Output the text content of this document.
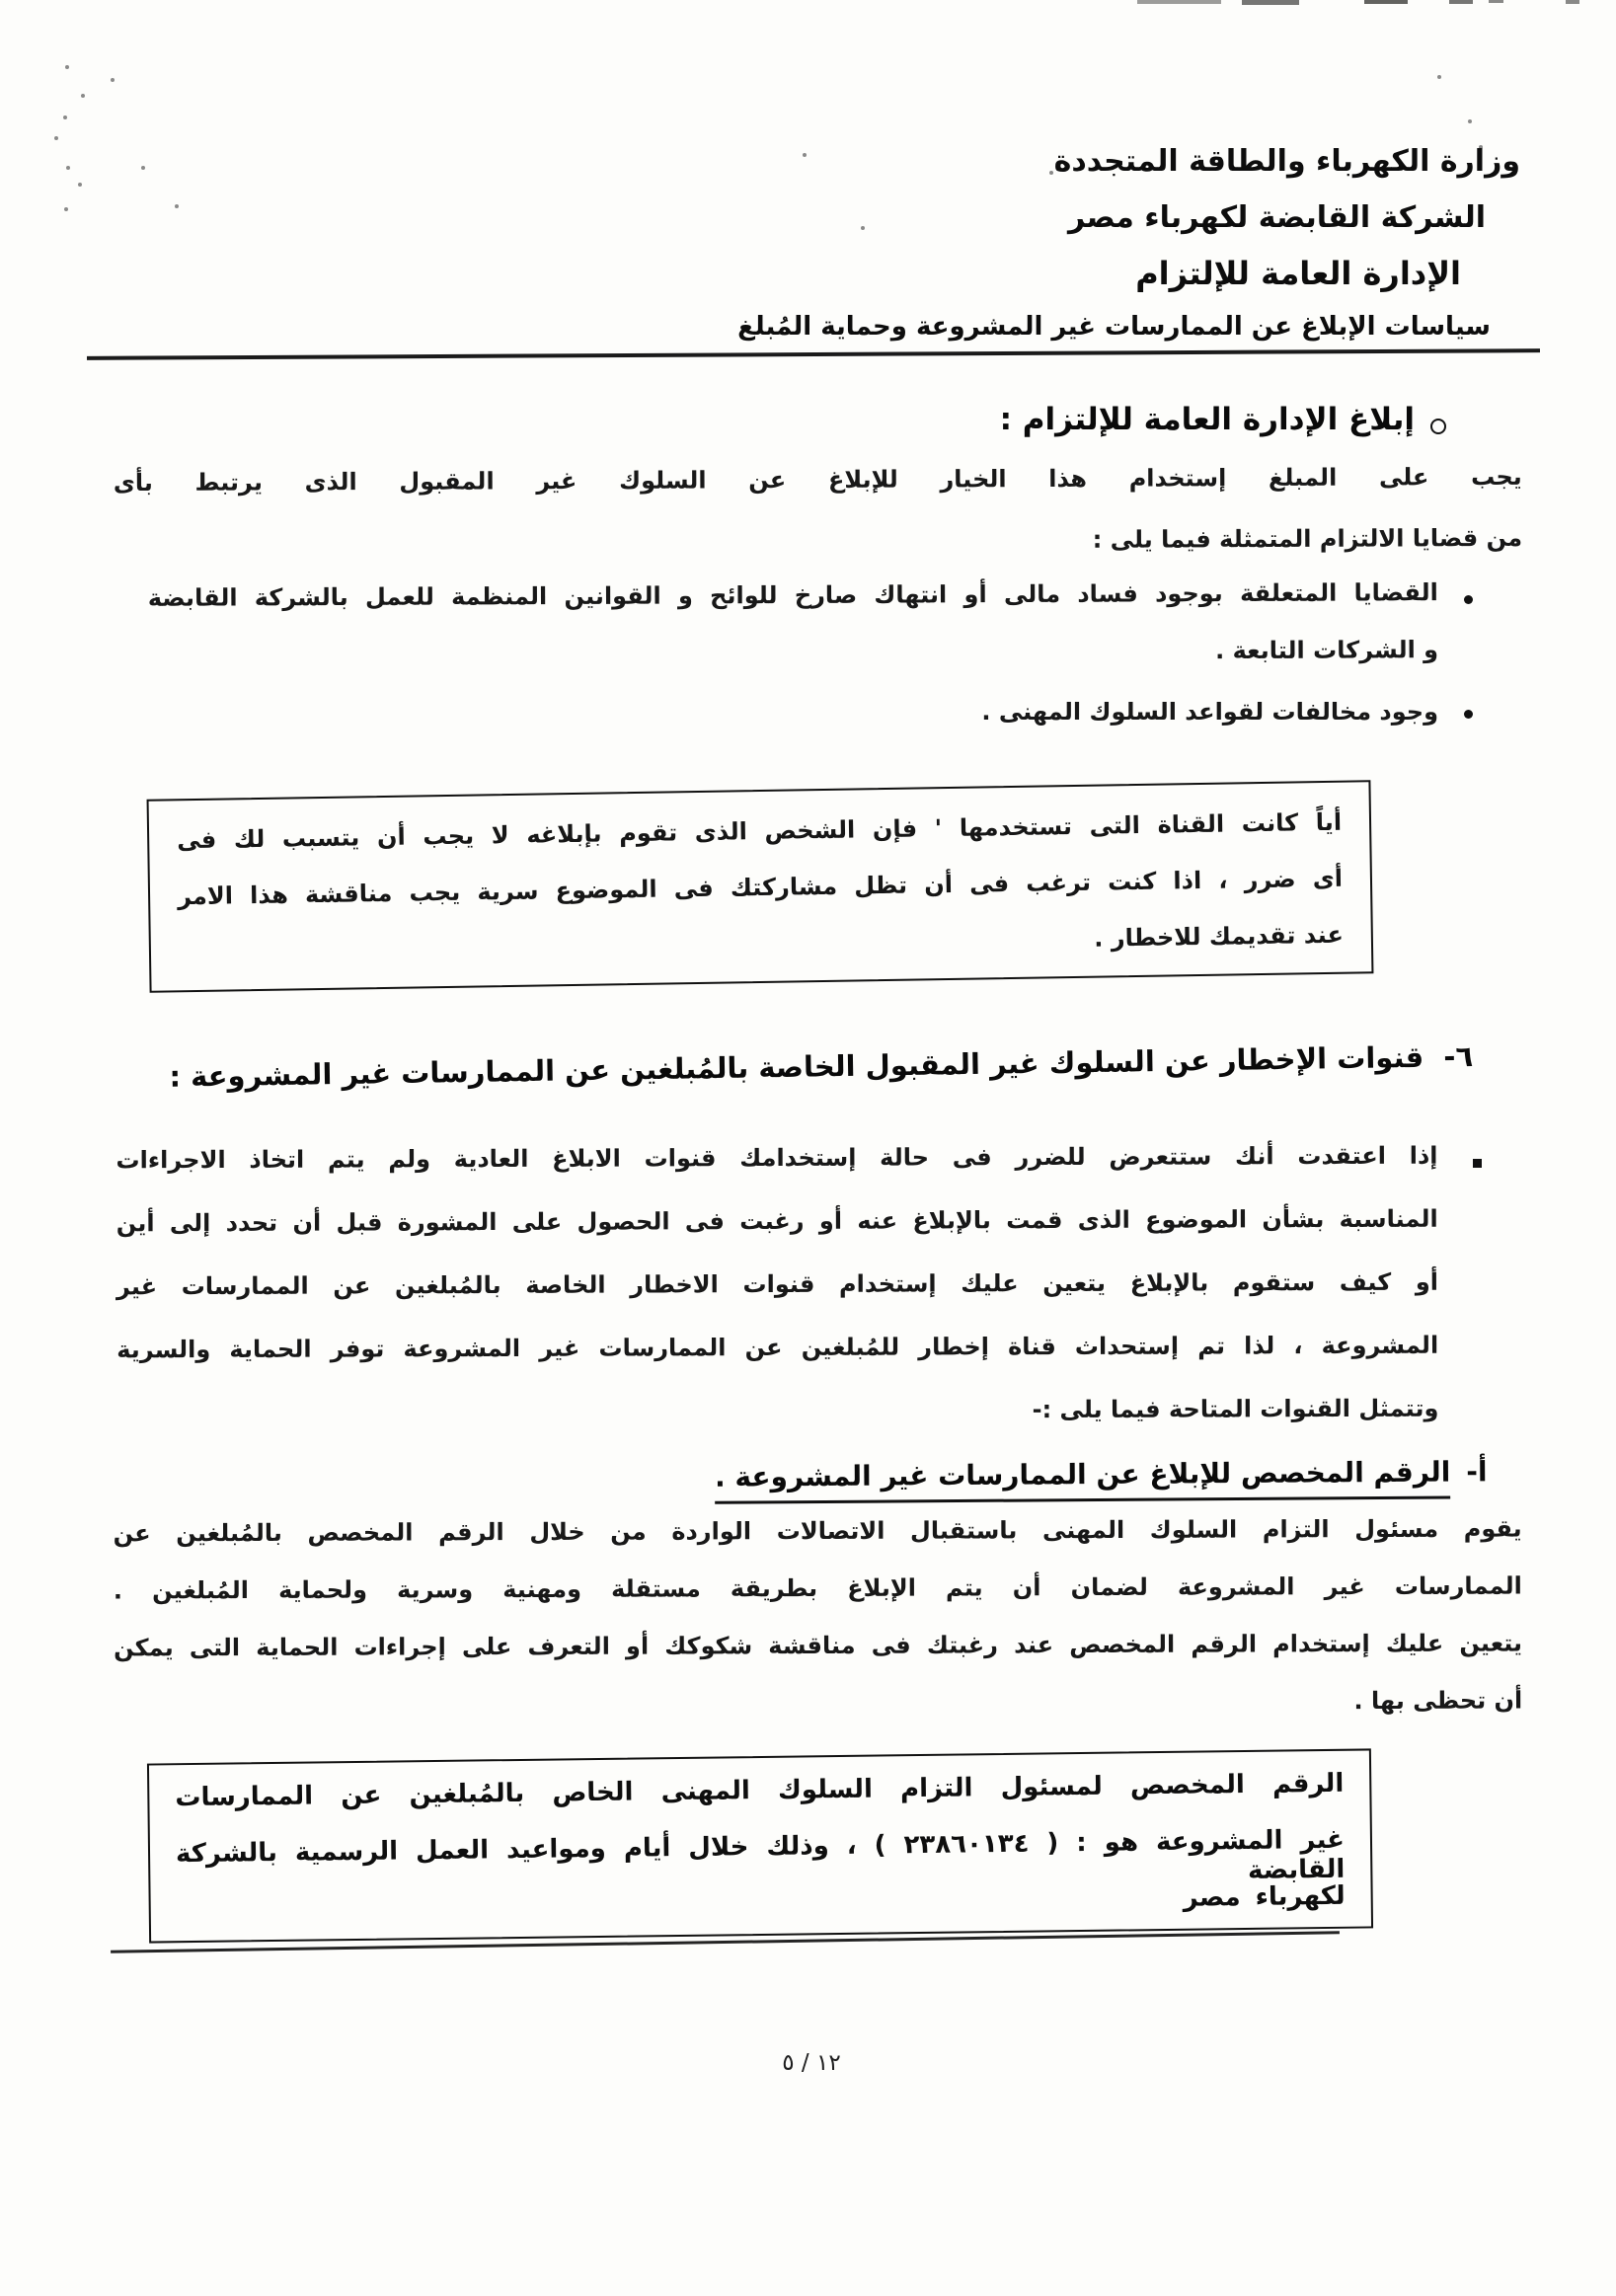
وزارة الكهرباء والطاقة المتجددة
الشركة القابضة لكهرباء مصر
الإدارة العامة للإلتزام
سياسات الإبلاغ عن الممارسات غير المشروعة وحماية المُبلغ
إبلاغ الإدارة العامة للإلتزام :
يجب على المبلغ إستخدام هذا الخيار للإبلاغ عن السلوك غير المقبول الذى يرتبط بأى
من قضايا الالتزام المتمثلة فيما يلى :
القضايا المتعلقة بوجود فساد مالى أو انتهاك صارخ للوائح و القوانين المنظمة للعمل بالشركة القابضة
و الشركات التابعة .
وجود مخالفات لقواعد السلوك المهنى .
أياً كانت القناة التى تستخدمها ' فإن الشخص الذى تقوم بإبلاغه لا يجب أن يتسبب لك فى
أى ضرر ، اذا كنت ترغب فى أن تظل مشاركتك فى الموضوع سرية يجب مناقشة هذا الامر
عند تقديمك للاخطار .
٦- قنوات الإخطار عن السلوك غير المقبول الخاصة بالمُبلغين عن الممارسات غير المشروعة :
إذا اعتقدت أنك ستتعرض للضرر فى حالة إستخدامك قنوات الابلاغ العادية ولم يتم اتخاذ الاجراءات
المناسبة بشأن الموضوع الذى قمت بالإبلاغ عنه أو رغبت فى الحصول على المشورة قبل أن تحدد إلى أين
أو كيف ستقوم بالإبلاغ يتعين عليك إستخدام قنوات الاخطار الخاصة بالمُبلغين عن الممارسات غير
المشروعة ، لذا تم إستحداث قناة إخطار للمُبلغين عن الممارسات غير المشروعة توفر الحماية والسرية
وتتمثل القنوات المتاحة فيما يلى :-
أ-الرقم المخصص للإبلاغ عن الممارسات غير المشروعة .
يقوم مسئول التزام السلوك المهنى باستقبال الاتصالات الواردة من خلال الرقم المخصص بالمُبلغين عن
الممارسات غير المشروعة لضمان أن يتم الإبلاغ بطريقة مستقلة ومهنية وسرية ولحماية المُبلغين .
يتعين عليك إستخدام الرقم المخصص عند رغبتك فى مناقشة شكوكك أو التعرف على إجراءات الحماية التى يمكن
أن تحظى بها .
الرقم المخصص لمسئول التزام السلوك المهنى الخاص بالمُبلغين عن الممارسات
غير المشروعة هو : ( ٢٣٨٦٠١٣٤ ) ، وذلك خلال أيام ومواعيد العمل الرسمية بالشركة القابضة
لكهرباء مصر
١٢ / ٥
